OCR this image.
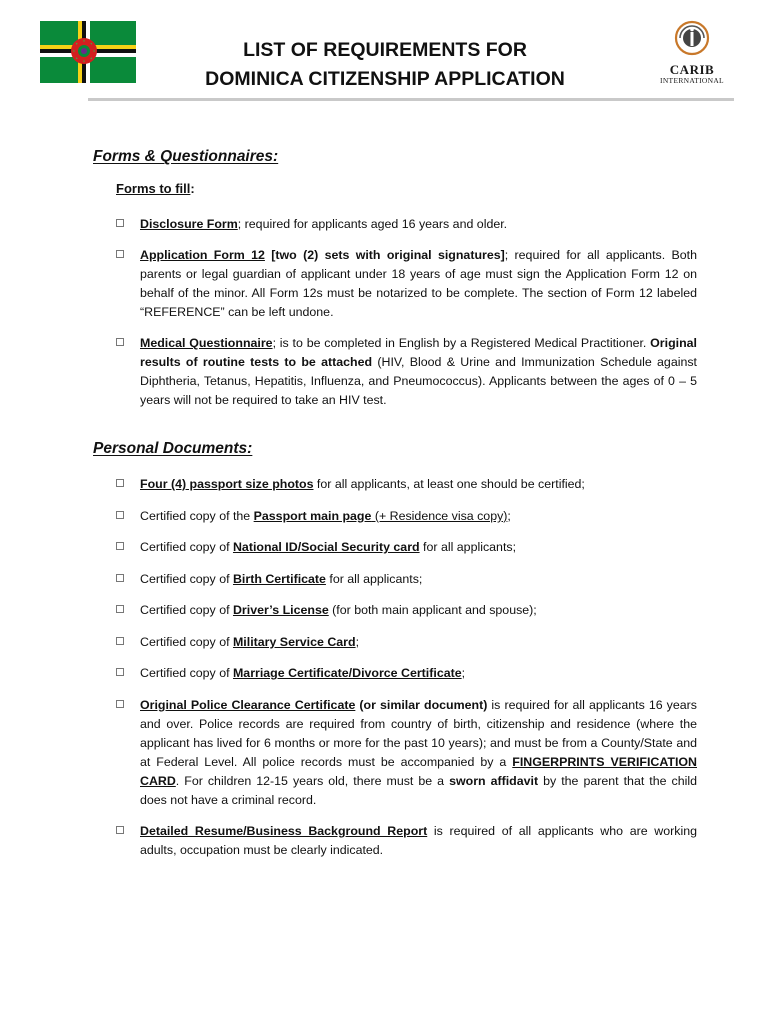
LIST OF REQUIREMENTS FOR
DOMINICA CITIZENSHIP APPLICATION	CARIB
INTERNATIONAL
Forms & Questionnaires:
Forms to fill:
Disclosure Form; required for applicants aged 16 years and older.
Application Form 12 [two (2) sets with original signatures]; required for all applicants. Both parents or legal guardian of applicant under 18 years of age must sign the Application Form 12 on behalf of the minor. All Form 12s must be notarized to be complete. The section of Form 12 labeled “REFERENCE” can be left undone.
Medical Questionnaire; is to be completed in English by a Registered Medical Practitioner. Original results of routine tests to be attached (HIV, Blood & Urine and Immunization Schedule against Diphtheria, Tetanus, Hepatitis, Influenza, and Pneumococcus). Applicants between the ages of 0 – 5 years will not be required to take an HIV test.
Personal Documents:
Four (4) passport size photos for all applicants, at least one should be certified;
Certified copy of the Passport main page (+ Residence visa copy);
Certified copy of National ID/Social Security card for all applicants;
Certified copy of Birth Certificate for all applicants;
Certified copy of Driver’s License (for both main applicant and spouse);
Certified copy of Military Service Card;
Certified copy of Marriage Certificate/Divorce Certificate;
Original Police Clearance Certificate (or similar document) is required for all applicants 16 years and over. Police records are required from country of birth, citizenship and residence (where the applicant has lived for 6 months or more for the past 10 years); and must be from a County/State and at Federal Level. All police records must be accompanied by a FINGERPRINTS VERIFICATION CARD. For children 12-15 years old, there must be a sworn affidavit by the parent that the child does not have a criminal record.
Detailed Resume/Business Background Report is required of all applicants who are working adults, occupation must be clearly indicated.
